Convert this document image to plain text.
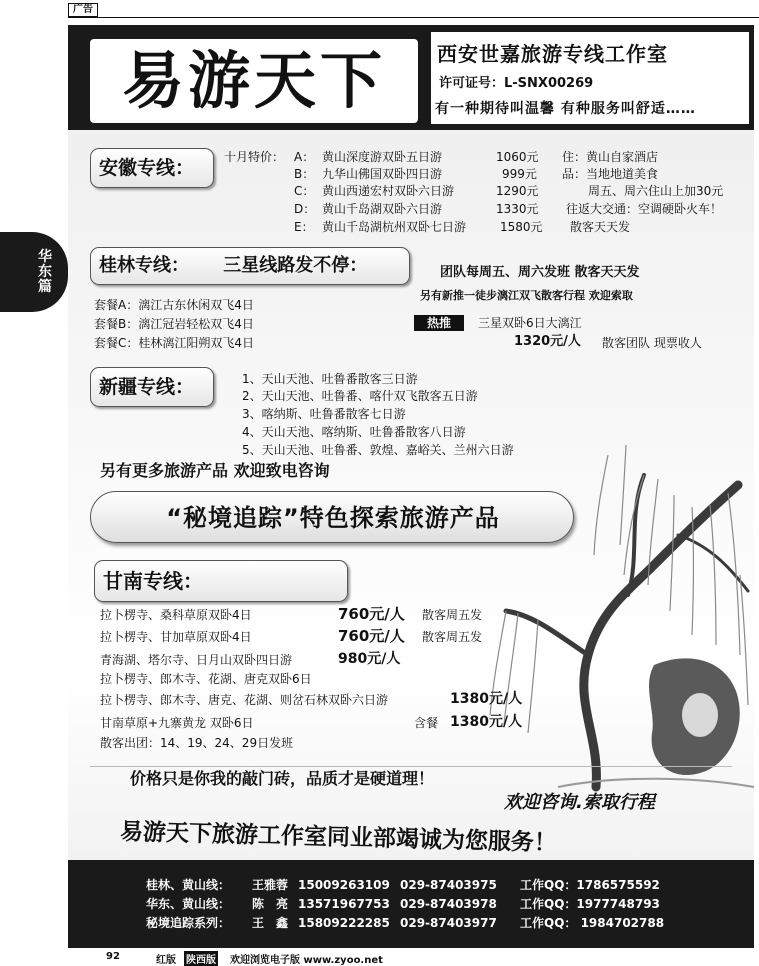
广告
华
东
篇
易游天下	西安世嘉旅游专线工作室
许可证号：L-SNX00269
有一种期待叫温馨 有种服务叫舒适……
安徽专线：	十月特价： A： 黄山深度游双卧五日游	1060元
B： 九华山佛国双卧四日游	999元
C： 黄山西递宏村双卧六日游	1290元
D： 黄山千岛湖双卧六日游	1330元
E： 黄山千岛湖杭州双卧七日游	1580元
住：黄山自家酒店
品：当地地道美食
周五、周六住山上加30元
往返大交通：空调硬卧火车！
散客天天发
桂林专线： 三星线路发不停：	团队每周五、周六发班 散客天天发
另有新推一徒步漓江双飞散客行程 欢迎索取
套餐A：漓江古东休闲双飞4日
套餐B：漓江冠岩轻松双飞4日
套餐C：桂林漓江阳朔双飞4日
热推	三星双卧6日大漓江
1320元/人 散客团队 现票收人
新疆专线：	1、天山天池、吐鲁番散客三日游
2、天山天池、吐鲁番、喀什双飞散客五日游
3、喀纳斯、吐鲁番散客七日游
4、天山天池、喀纳斯、吐鲁番散客八日游
5、天山天池、吐鲁番、敦煌、嘉峪关、兰州六日游
另有更多旅游产品 欢迎致电咨询
“秘境追踪”特色探索旅游产品
甘南专线：
拉卜楞寺、桑科草原双卧4日	760元/人 散客周五发
拉卜楞寺、甘加草原双卧4日	760元/人 散客周五发
青海湖、塔尔寺、日月山双卧四日游	980元/人
拉卜楞寺、郎木寺、花湖、唐克双卧6日
拉卜楞寺、郎木寺、唐克、花湖、则岔石林双卧六日游	1380元/人
甘南草原+九寨黄龙 双卧6日	含餐 1380元/人
散客出团：14、19、24、29日发班
价格只是你我的敲门砖，品质才是硬道理！
欢迎咨询.索取行程
易游天下旅游工作室同业部竭诚为您服务！
桂林、黄山线： 王雅蓉 15009263109 029-87403975 工作QQ：1786575592
华东、黄山线： 陈　亮 13571967753 029-87403978 工作QQ：1977748793
秘境追踪系列： 王　鑫 15809222285 029-87403977 工作QQ： 1984702788
92	红版 陕西版 欢迎浏览电子版 www.zyoo.net
